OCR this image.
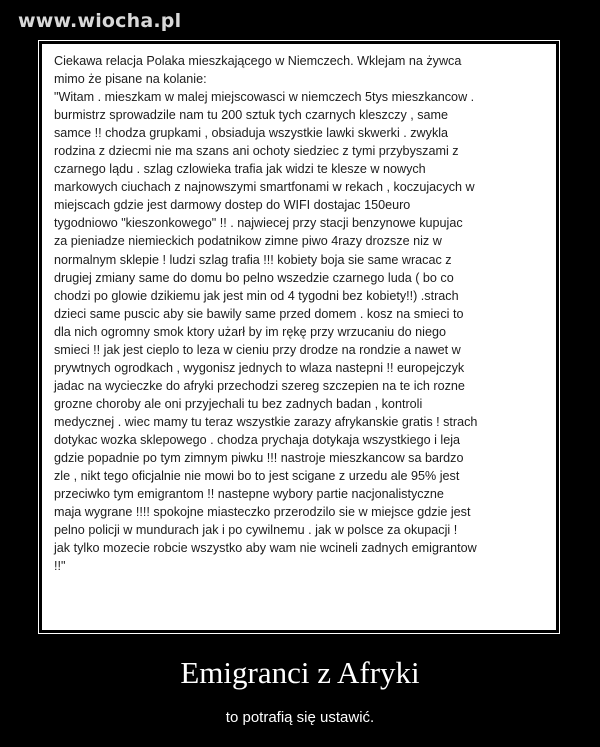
www.wiocha.pl

Ciekawa relacja Polaka mieszkającego w Niemczech. Wklejam na żywca
mimo że pisane na kolanie:
"Witam . mieszkam w malej miejscowasci w niemczech 5tys mieszkancow .
burmistrz sprowadzile nam tu 200 sztuk tych czarnych kleszczy , same
samce !! chodza grupkami , obsiaduja wszystkie lawki skwerki . zwykla
rodzina z dziecmi nie ma szans ani ochoty siedziec z tymi przybyszami z
czarnego lądu . szlag czlowieka trafia jak widzi te klesze w nowych
markowych ciuchach z najnowszymi smartfonami w rekach , koczujacych w
miejscach gdzie jest darmowy dostep do WIFI dostajac 150euro
tygodniowo "kieszonkowego" !! . najwiecej przy stacji benzynowe kupujac
za pieniadze niemieckich podatnikow zimne piwo 4razy drozsze niz w
normalnym sklepie ! ludzi szlag trafia !!! kobiety boja sie same wracac z
drugiej zmiany same do domu bo pelno wszedzie czarnego luda ( bo co
chodzi po glowie dzikiemu jak jest min od 4 tygodni bez kobiety!!) .strach
dzieci same puscic aby sie bawily same przed domem . kosz na smieci to
dla nich ogromny smok ktory użarł by im rękę przy wrzucaniu do niego
smieci !! jak jest cieplo to leza w cieniu przy drodze na rondzie a nawet w
prywtnych ogrodkach , wygonisz jednych to wlaza nastepni !! europejczyk
jadac na wycieczke do afryki przechodzi szereg szczepien na te ich rozne
grozne choroby ale oni przyjechali tu bez zadnych badan , kontroli
medycznej . wiec mamy tu teraz wszystkie zarazy afrykanskie gratis ! strach
dotykac wozka sklepowego . chodza prychaja dotykaja wszystkiego i leja
gdzie popadnie po tym zimnym piwku !!! nastroje mieszkancow sa bardzo
zle , nikt tego oficjalnie nie mowi bo to jest scigane z urzedu ale 95% jest
przeciwko tym emigrantom !! nastepne wybory partie nacjonalistyczne
maja wygrane !!!! spokojne miasteczko przerodzilo sie w miejsce gdzie jest
pelno policji w mundurach jak i po cywilnemu . jak w polsce za okupacji !
jak tylko mozecie robcie wszystko aby wam nie wcineli zadnych emigrantow
!!"

Emigranci z Afryki
to potrafią się ustawić.
